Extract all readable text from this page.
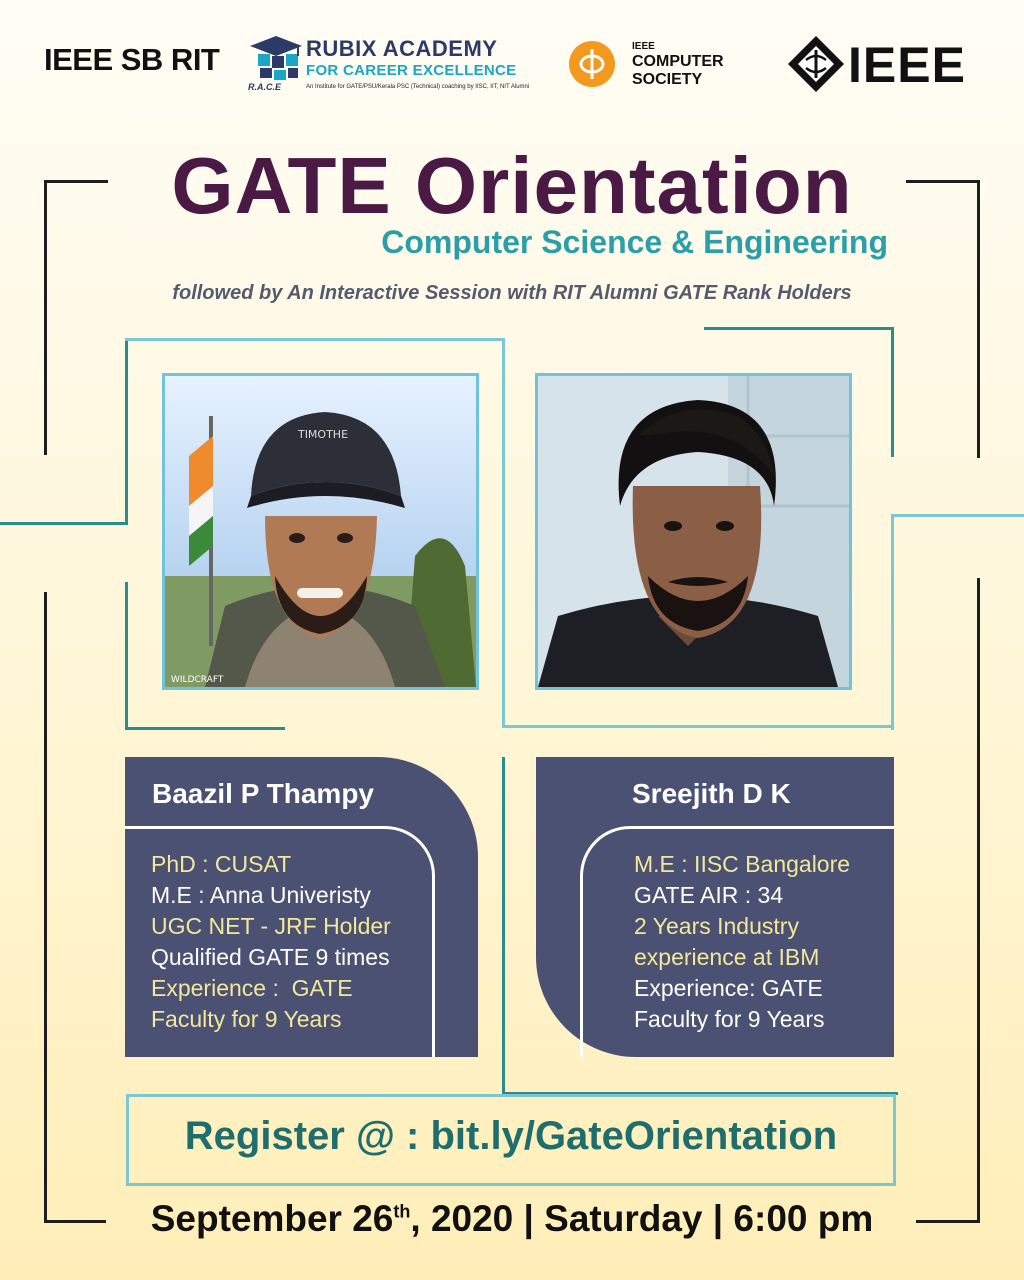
IEEE SB RIT
R.A.C.E
RUBIX ACADEMY
FOR CAREER EXCELLENCE
An Institute for GATE/PSU/Kerala PSC (Technical) coaching by IISC, IIT, NIT Alumni
IEEE
COMPUTER
SOCIETY	IEEE
GATE Orientation
Computer Science & Engineering
followed by An Interactive Session with RIT Alumni GATE Rank Holders
TIMOTHE
WILDCRAFT
Baazil P Thampy
PhD : CUSAT
M.E : Anna Univeristy
UGC NET - JRF Holder
Qualified GATE 9 times
Experience :  GATE
Faculty for 9 Years
Sreejith D K
M.E : IISC Bangalore
GATE AIR : 34
2 Years Industry
experience at IBM
Experience: GATE
Faculty for 9 Years
Register @ : bit.ly/GateOrientation
September 26th, 2020 | Saturday | 6:00 pm
